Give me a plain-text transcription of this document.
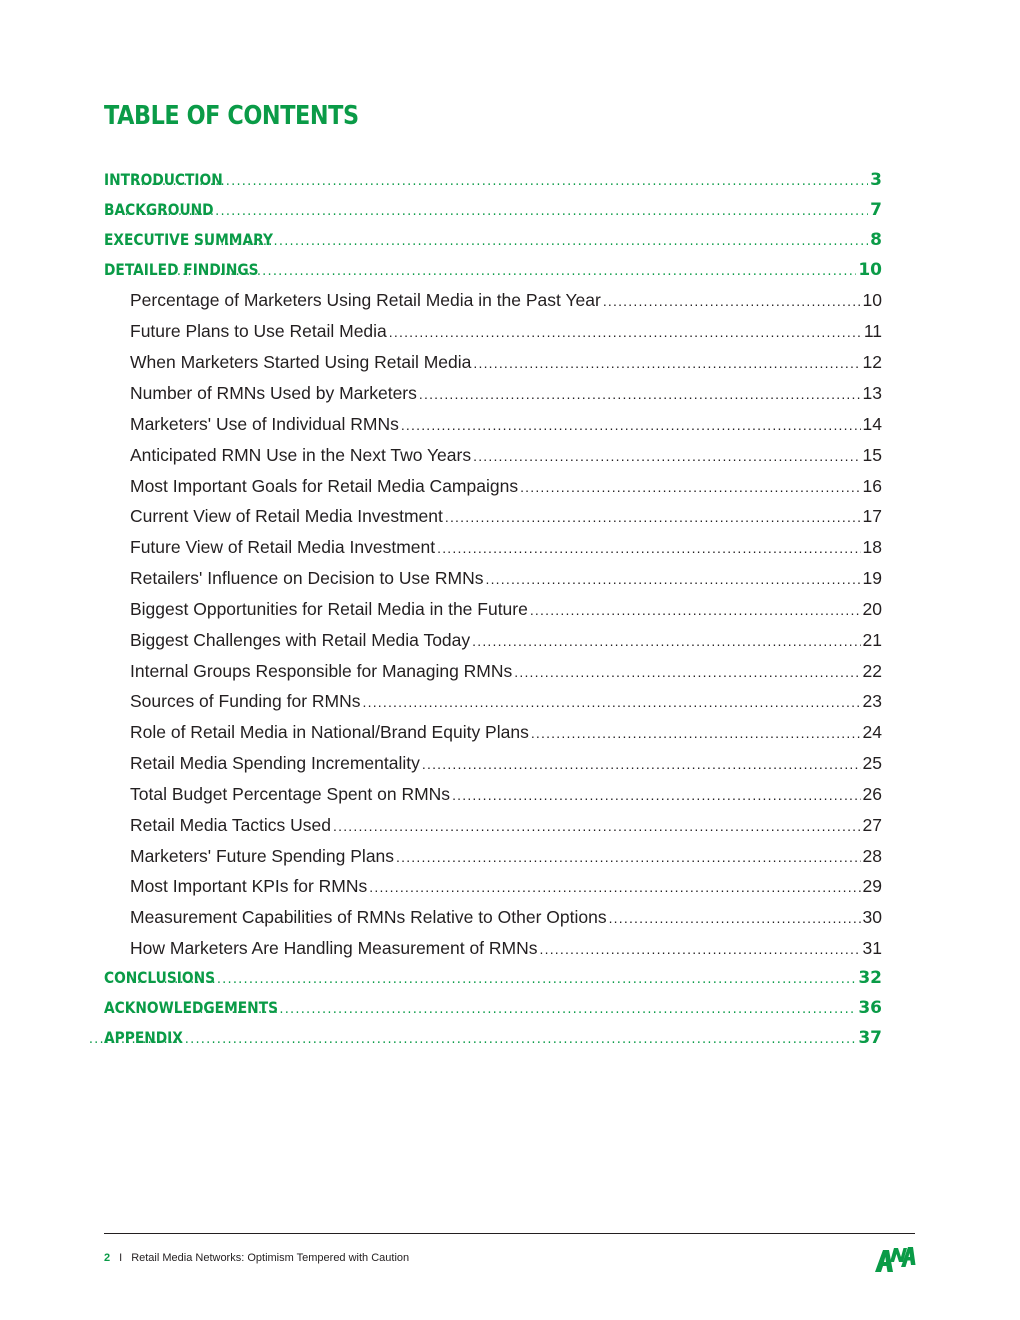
TABLE OF CONTENTS
INTRODUCTION .....	3
BACKGROUND .....	7
EXECUTIVE SUMMARY .....	8
DETAILED FINDINGS .....	10
Percentage of Marketers Using Retail Media in the Past Year .....	10
Future Plans to Use Retail Media .....	11
When Marketers Started Using Retail Media .....	12
Number of RMNs Used by Marketers .....	13
Marketers' Use of Individual RMNs .....	14
Anticipated RMN Use in the Next Two Years .....	15
Most Important Goals for Retail Media Campaigns .....	16
Current View of Retail Media Investment .....	17
Future View of Retail Media Investment .....	18
Retailers' Influence on Decision to Use RMNs .....	19
Biggest Opportunities for Retail Media in the Future .....	20
Biggest Challenges with Retail Media Today .....	21
Internal Groups Responsible for Managing RMNs .....	22
Sources of Funding for RMNs .....	23
Role of Retail Media in National/Brand Equity Plans .....	24
Retail Media Spending Incrementality .....	25
Total Budget Percentage Spent on RMNs .....	26
Retail Media Tactics Used .....	27
Marketers' Future Spending Plans .....	28
Most Important KPIs for RMNs .....	29
Measurement Capabilities of RMNs Relative to Other Options .....	30
How Marketers Are Handling Measurement of RMNs .....	31
CONCLUSIONS .....	32
ACKNOWLEDGEMENTS .....	36
APPENDIX .....	37
2 I Retail Media Networks: Optimism Tempered with Caution
